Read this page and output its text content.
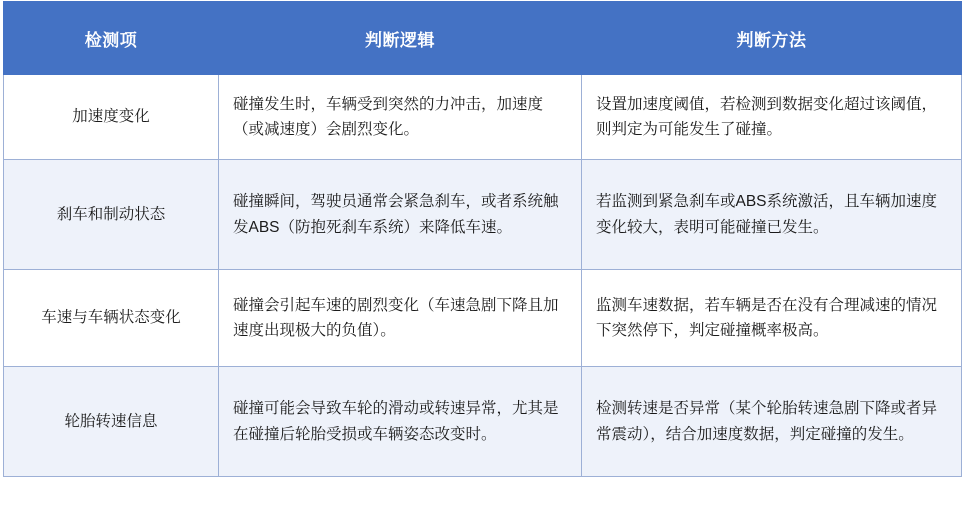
检测项	判断逻辑	判断方法
加速度变化	碰撞发生时，车辆受到突然的力冲击，加速度（或减速度）会剧烈变化。	设置加速度阈值，若检测到数据变化超过该阈值，则判定为可能发生了碰撞。
刹车和制动状态	碰撞瞬间，驾驶员通常会紧急刹车，或者系统触发ABS（防抱死刹车系统）来降低车速。	若监测到紧急刹车或ABS系统激活，且车辆加速度变化较大，表明可能碰撞已发生。
车速与车辆状态变化	碰撞会引起车速的剧烈变化（车速急剧下降且加速度出现极大的负值）。	监测车速数据，若车辆是否在没有合理减速的情况下突然停下，判定碰撞概率极高。
轮胎转速信息	碰撞可能会导致车轮的滑动或转速异常，尤其是在碰撞后轮胎受损或车辆姿态改变时。	检测转速是否异常（某个轮胎转速急剧下降或者异常震动），结合加速度数据，判定碰撞的发生。
